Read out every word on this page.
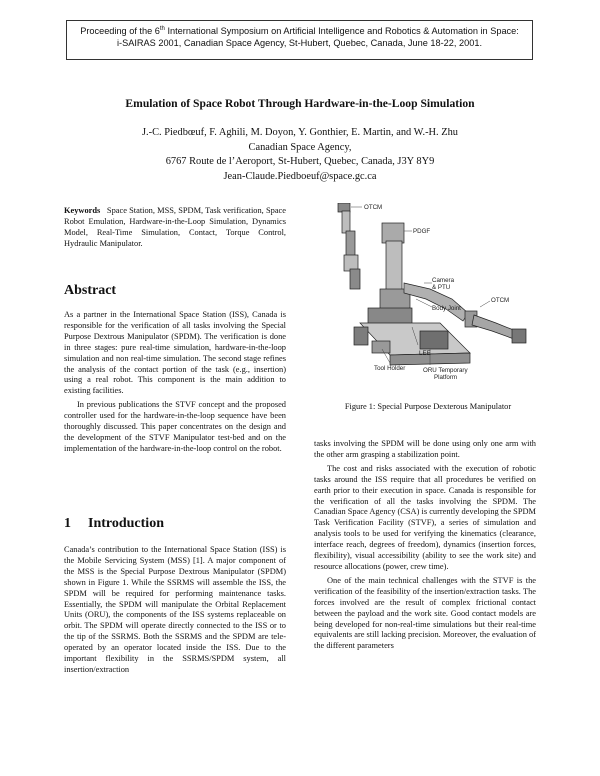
Proceeding of the 6th International Symposium on Artificial Intelligence and Robotics & Automation in Space:
i-SAIRAS 2001, Canadian Space Agency, St-Hubert, Quebec, Canada, June 18-22, 2001.
Emulation of Space Robot Through Hardware-in-the-Loop Simulation
J.-C. Piedbœuf, F. Aghili, M. Doyon, Y. Gonthier, E. Martin, and W.-H. Zhu
Canadian Space Agency,
6767 Route de l’Aeroport, St-Hubert, Quebec, Canada, J3Y 8Y9
Jean-Claude.Piedboeuf@space.gc.ca

Keywords Space Station, MSS, SPDM, Task verification, Space Robot Emulation, Hardware-in-the-Loop Simulation, Dynamics Model, Real-Time Simulation, Contact, Torque Control, Hydraulic Manipulator.

Abstract

As a partner in the International Space Station (ISS), Canada is responsible for the verification of all tasks involving the Special Purpose Dextrous Manipulator (SPDM). The verification is done in three stages: pure real-time simulation, hardware-in-the-loop simulation and non real-time simulation. The second stage refines the analysis of the contact portion of the task (e.g., insertion) using a real robot. This component is the main addition to existing facilities.

In previous publications the STVF concept and the proposed controller used for the hardware-in-the-loop sequence have been thoroughly discussed. This paper concentrates on the design and the development of the STVF Manipulator test-bed and on the implementation of the hardware-in-the-loop control on the robot.

1 Introduction

Canada’s contribution to the International Space Station (ISS) is the Mobile Servicing System (MSS) [1]. A major component of the MSS is the Special Purpose Dextrous Manipulator (SPDM) shown in Figure 1. While the SSRMS will assemble the ISS, the SPDM will be required for performing maintenance tasks. Essentially, the SPDM will manipulate the Orbital Replacement Units (ORU), the components of the ISS systems replaceable on orbit. The SPDM will operate directly connected to the ISS or to the tip of the SSRMS. Both the SSRMS and the SPDM are tele-operated by an operator located inside the ISS. Due to the important flexibility in the SSRMS/SPDM system, all insertion/extraction

OTCM
PDGF
Camera
& PTU
Body Joint
OTCM
LEE
Tool Holder	ORU Temporary
Platform
Figure 1: Special Purpose Dexterous Manipulator

tasks involving the SPDM will be done using only one arm with the other arm grasping a stabilization point.

The cost and risks associated with the execution of robotic tasks around the ISS require that all procedures be verified on earth prior to their execution in space. Canada is responsible for the verification of all the tasks involving the SPDM. The Canadian Space Agency (CSA) is currently developing the SPDM Task Verification Facility (STVF), a series of simulation and analysis tools to be used for verifying the kinematics (clearance, interface reach, degrees of freedom), dynamics (insertion forces, flexibility), visual accessibility (ability to see the work site) and resource allocations (power, crew time).

One of the main technical challenges with the STVF is the verification of the feasibility of the insertion/extraction tasks. The forces involved are the result of complex frictional contact between the payload and the work site. Good contact models are being developed for non-real-time simulations but their real-time equivalents are still lacking precision. Moreover, the evaluation of the different parameters
